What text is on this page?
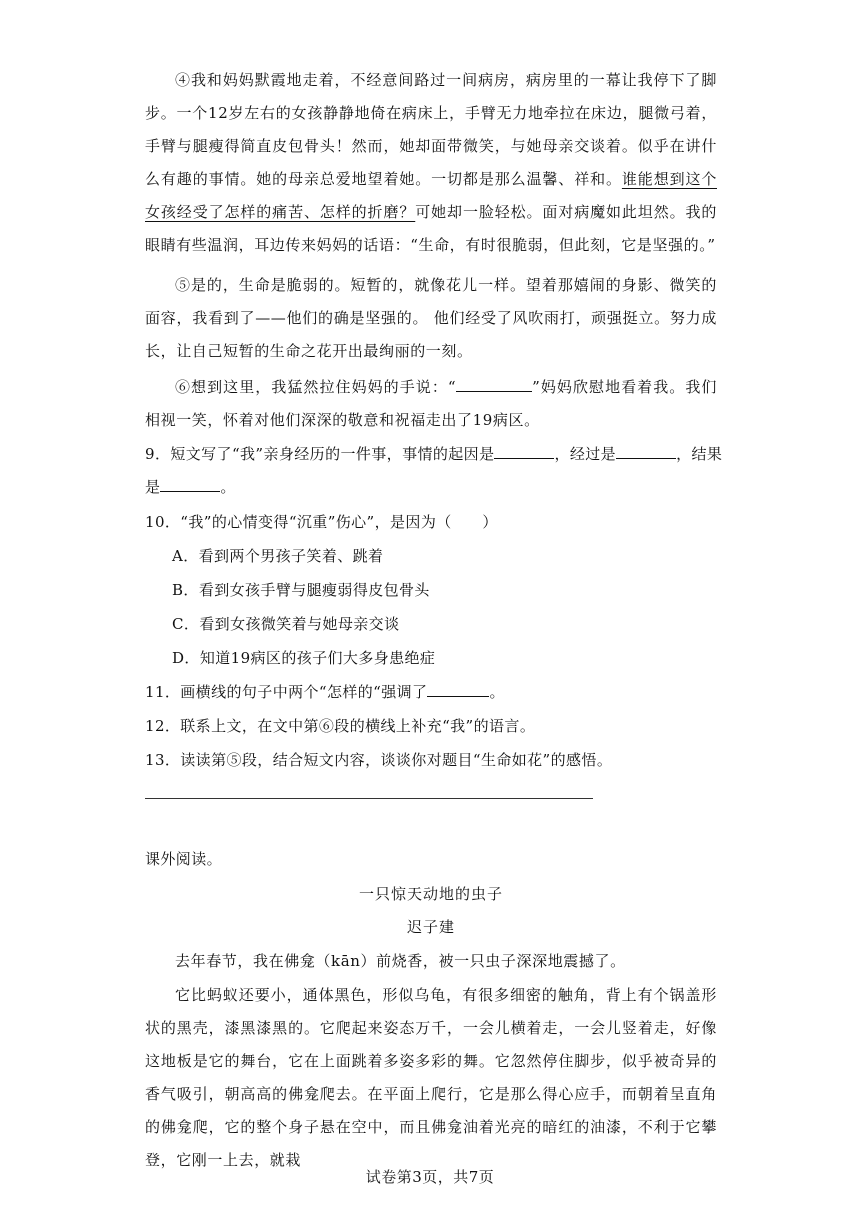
④我和妈妈默霞地走着，不经意间路过一间病房，病房里的一幕让我停下了脚步。一个12岁左右的女孩静静地倚在病床上，手臂无力地牵拉在床边，腿微弓着，手臂与腿瘦得简直皮包骨头！然而，她却面带微笑，与她母亲交谈着。似乎在讲什么有趣的事情。她的母亲总爱地望着她。一切都是那么温馨、祥和。谁能想到这个女孩经受了怎样的痛苦、怎样的折磨？可她却一脸轻松。面对病魔如此坦然。我的眼睛有些温润，耳边传来妈妈的话语：“生命，有时很脆弱，但此刻，它是坚强的。”
⑤是的，生命是脆弱的。短暂的，就像花儿一样。望着那嬉闹的身影、微笑的面容，我看到了——他们的确是坚强的。 他们经受了风吹雨打，顽强挺立。努力成长，让自己短暂的生命之花开出最绚丽的一刻。
⑥想到这里，我猛然拉住妈妈的手说：“	”妈妈欣慰地看着我。我们相视一笑，怀着对他们深深的敬意和祝福走出了19病区。
9．短文写了“我”亲身经历的一件事，事情的起因是	，经过是	，结果
是	。
10．“我”的心情变得“沉重”伤心”，是因为（　　）
A．看到两个男孩子笑着、跳着
B．看到女孩手臂与腿瘦弱得皮包骨头
C．看到女孩微笑着与她母亲交谈
D．知道19病区的孩子们大多身患绝症
11．画横线的句子中两个“怎样的“强调了	。
12．联系上文，在文中第⑥段的横线上补充“我”的语言。
13．读读第⑤段，结合短文内容，谈谈你对题目“生命如花”的感悟。
课外阅读。
一只惊天动地的虫子
迟子建
去年春节，我在佛龛（kān）前烧香，被一只虫子深深地震撼了。
它比蚂蚁还要小，通体黑色，形似乌龟，有很多细密的触角，背上有个锅盖形状的黑壳，漆黑漆黑的。它爬起来姿态万千，一会儿横着走，一会儿竖着走，好像这地板是它的舞台，它在上面跳着多姿多彩的舞。它忽然停住脚步，似乎被奇异的香气吸引，朝高高的佛龛爬去。在平面上爬行，它是那么得心应手，而朝着呈直角的佛龛爬，它的整个身子悬在空中，而且佛龛油着光亮的暗红的油漆，不利于它攀登，它刚一上去，就栽
试卷第3页，共7页
